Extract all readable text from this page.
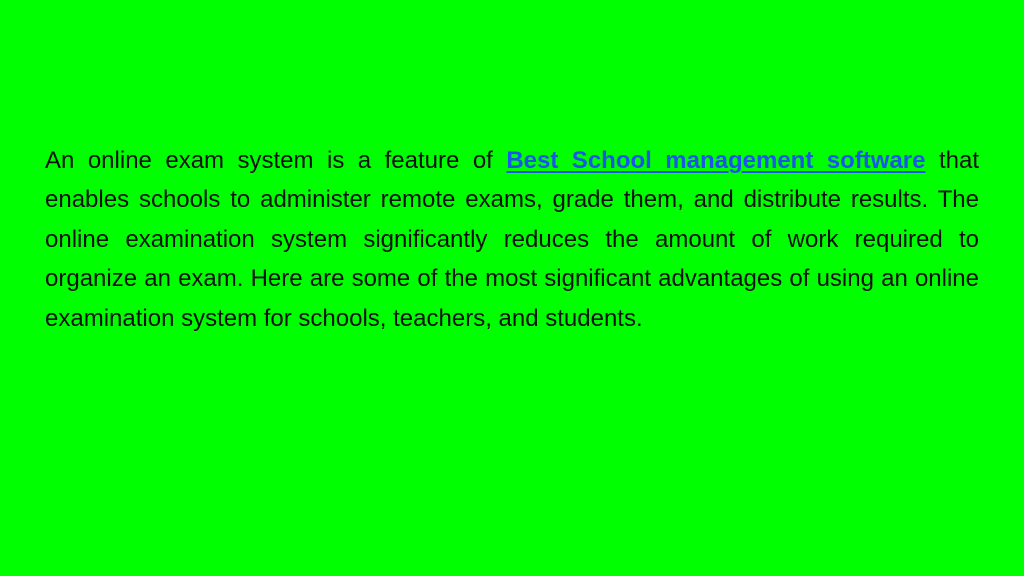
An online exam system is a feature of Best School management software that enables schools to administer remote exams, grade them, and distribute results. The online examination system significantly reduces the amount of work required to organize an exam. Here are some of the most significant advantages of using an online examination system for schools, teachers, and students.
